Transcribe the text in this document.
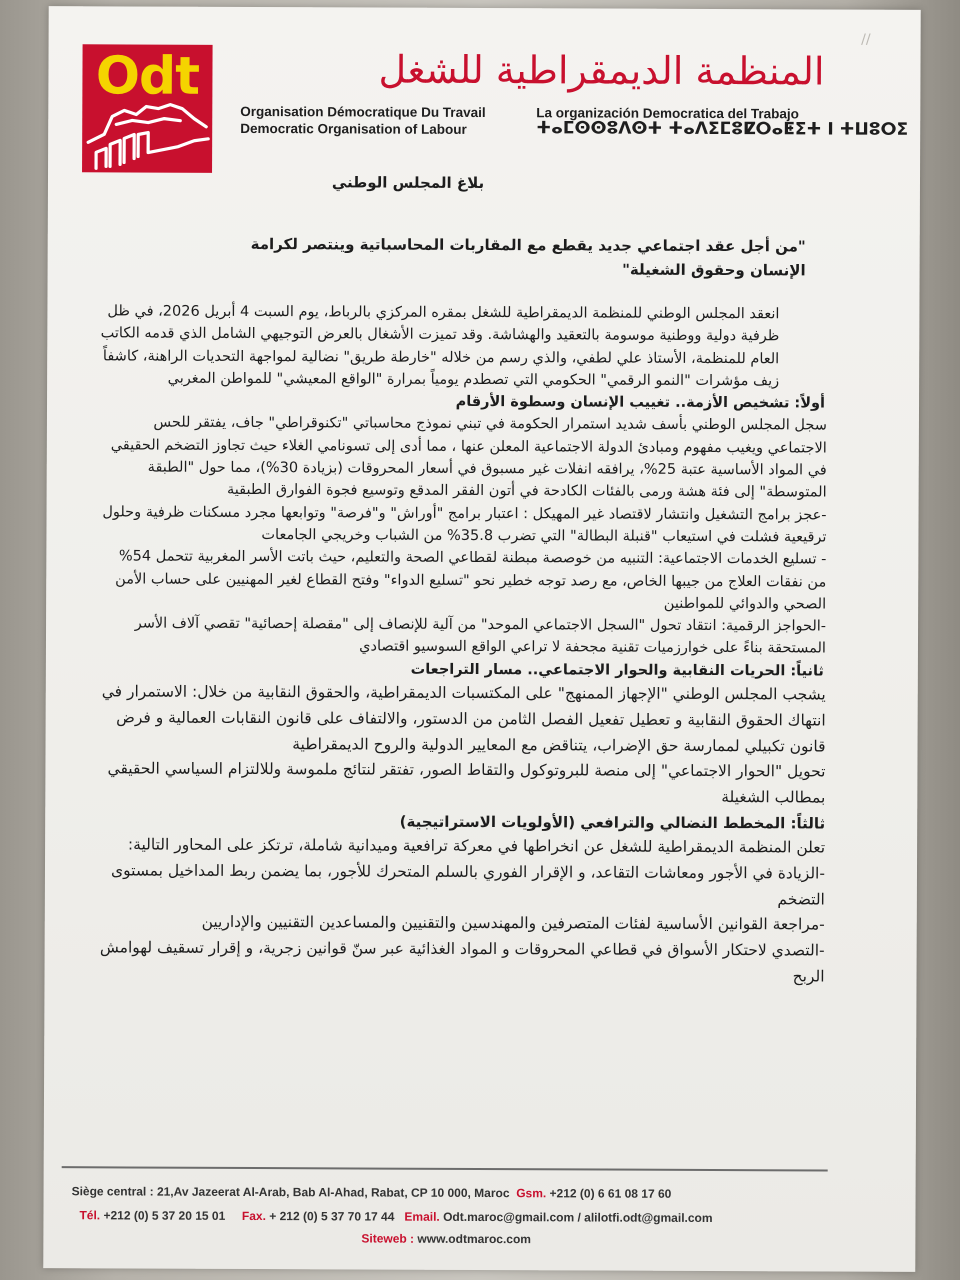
//
Odt	المنظمة الديمقراطية للشغل
Organisation Démocratique Du Travail
Democratic Organisation of Labour
La organización Democratica del Trabajo
ⵜⴰⵎⵙⵙⵓⴷⵙⵜ ⵜⴰⴷⵉⵎⵓⵇⵔⴰⵟⵉⵜ ⵏ ⵜⵡⵓⵔⵉ
بلاغ المجلس الوطني
"من أجل عقد اجتماعي جديد يقطع مع المقاربات المحاسباتية وينتصر لكرامة الإنسان وحقوق الشغيلة"

انعقد المجلس الوطني للمنظمة الديمقراطية للشغل بمقره المركزي بالرباط، يوم السبت 4 أبريل 2026، في ظل ظرفية دولية ووطنية موسومة بالتعقيد والهشاشة. وقد تميزت الأشغال بالعرض التوجيهي الشامل الذي قدمه الكاتب العام للمنظمة، الأستاذ علي لطفي، والذي رسم من خلاله "خارطة طريق" نضالية لمواجهة التحديات الراهنة، كاشفاً زيف مؤشرات "النمو الرقمي" الحكومي التي تصطدم يومياً بمرارة "الواقع المعيشي" للمواطن المغربي

أولاً: تشخيص الأزمة.. تغييب الإنسان وسطوة الأرقام

سجل المجلس الوطني بأسف شديد استمرار الحكومة في تبني نموذج محاسباتي "تكنوقراطي" جاف، يفتقر للحس الاجتماعي ويغيب مفهوم ومبادئ الدولة الاجتماعية المعلن عنها ، مما أدى إلى تسونامي الغلاء حيث تجاوز التضخم الحقيقي في المواد الأساسية عتبة 25%، يرافقه انفلات غير مسبوق في أسعار المحروقات (بزيادة 30%)، مما حول "الطبقة المتوسطة" إلى فئة هشة ورمى بالفئات الكادحة في أتون الفقر المدقع وتوسيع فجوة الفوارق الطبقية

-عجز برامج التشغيل وانتشار لاقتصاد غير المهيكل : اعتبار برامج "أوراش" و"فرصة" وتوابعها مجرد مسكنات ظرفية وحلول ترقيعية فشلت في استيعاب "قنبلة البطالة" التي تضرب 35.8% من الشباب وخريجي الجامعات

- تسليع الخدمات الاجتماعية: التنبيه من خوصصة مبطنة لقطاعي الصحة والتعليم، حيث باتت الأسر المغربية تتحمل 54% من نفقات العلاج من جيبها الخاص، مع رصد توجه خطير نحو "تسليع الدواء" وفتح القطاع لغير المهنيين على حساب الأمن الصحي والدوائي للمواطنين

-الحواجز الرقمية: انتقاد تحول "السجل الاجتماعي الموحد" من آلية للإنصاف إلى "مقصلة إحصائية" تقصي آلاف الأسر المستحقة بناءً على خوارزميات تقنية مجحفة لا تراعي الواقع السوسيو اقتصادي

ثانياً: الحريات النقابية والحوار الاجتماعي.. مسار التراجعات

يشجب المجلس الوطني "الإجهاز الممنهج" على المكتسبات الديمقراطية، والحقوق النقابية من خلال: الاستمرار في انتهاك الحقوق النقابية و تعطيل تفعيل الفصل الثامن من الدستور، والالتفاف على قانون النقابات العمالية و فرض قانون تكبيلي لممارسة حق الإضراب، يتناقض مع المعايير الدولية والروح الديمقراطية

تحويل "الحوار الاجتماعي" إلى منصة للبروتوكول والتقاط الصور، تفتقر لنتائج ملموسة وللالتزام السياسي الحقيقي بمطالب الشغيلة

ثالثاً: المخطط النضالي والترافعي (الأولويات الاستراتيجية)

تعلن المنظمة الديمقراطية للشغل عن انخراطها في معركة ترافعية وميدانية شاملة، ترتكز على المحاور التالية:

-الزيادة في الأجور ومعاشات التقاعد، و الإقرار الفوري بالسلم المتحرك للأجور، بما يضمن ربط المداخيل بمستوى التضخم

-مراجعة القوانين الأساسية لفئات المتصرفين والمهندسين والتقنيين والمساعدين التقنيين والإداريين

-التصدي لاحتكار الأسواق في قطاعي المحروقات و المواد الغذائية عبر سنّ قوانين زجرية، و إقرار تسقيف لهوامش الربح

Siège central : 21,Av Jazeerat Al-Arab, Bab Al-Ahad, Rabat, CP 10 000, Maroc Gsm. +212 (0) 6 61 08 17 60
Tél. +212 (0) 5 37 20 15 01 Fax. + 212 (0) 5 37 70 17 44 Email. Odt.maroc@gmail.com / alilotfi.odt@gmail.com
Siteweb : www.odtmaroc.com
